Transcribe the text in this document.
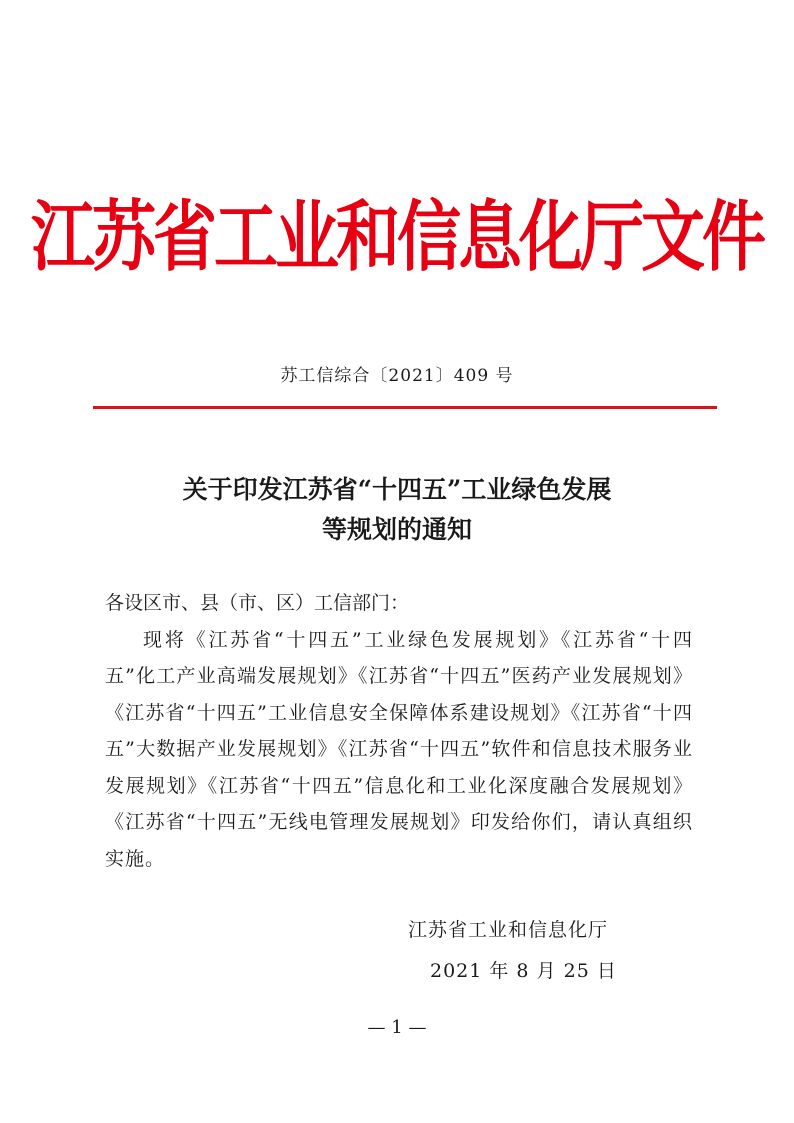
江苏省工业和信息化厅文件
苏工信综合〔2021〕409 号
关于印发江苏省“十四五”工业绿色发展
等规划的通知
各设区市、县（市、区）工信部门：
现将《江苏省“十四五”工业绿色发展规划》《江苏省“十四五”化工产业高端发展规划》《江苏省“十四五”医药产业发展规划》《江苏省“十四五”工业信息安全保障体系建设规划》《江苏省“十四五”大数据产业发展规划》《江苏省“十四五”软件和信息技术服务业发展规划》《江苏省“十四五”信息化和工业化深度融合发展规划》《江苏省“十四五”无线电管理发展规划》印发给你们，请认真组织实施。
江苏省工业和信息化厅
2021 年 8 月 25 日
— 1 —
